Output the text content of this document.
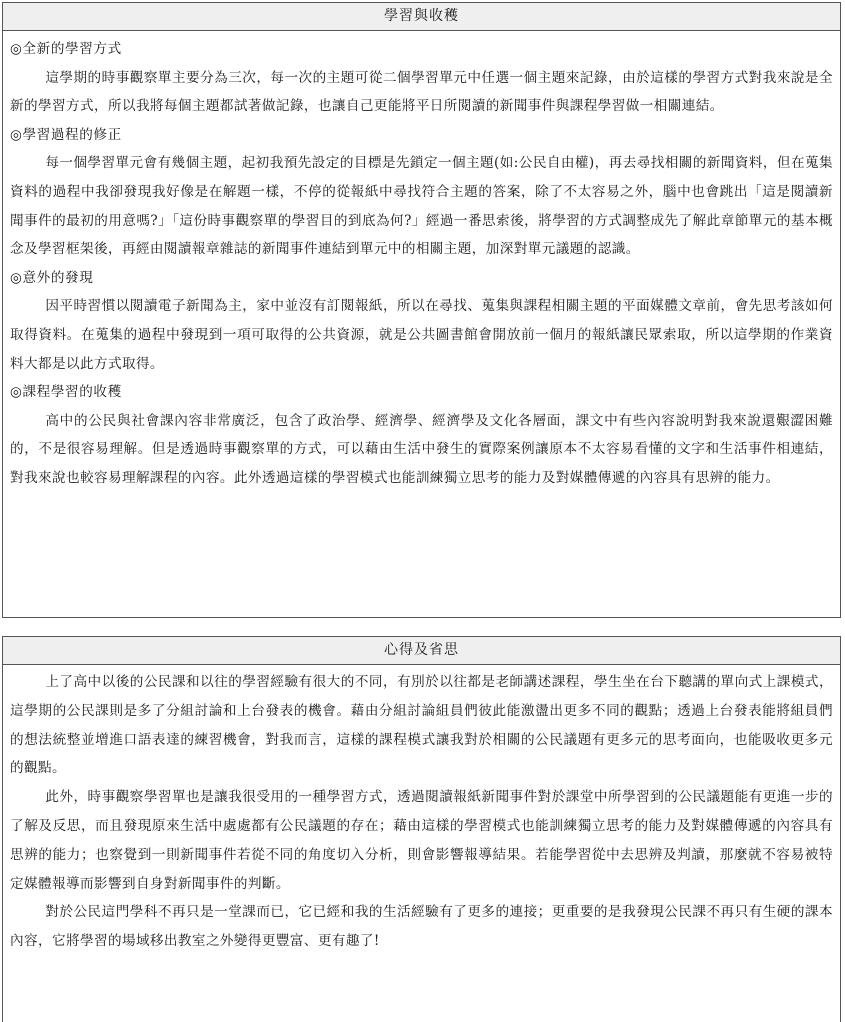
學習與收穫

◎全新的學習方式

這學期的時事觀察單主要分為三次，每一次的主題可從二個學習單元中任選一個主題來記錄，由於這樣的學習方式對我來說是全新的學習方式，所以我將每個主題都試著做記錄，也讓自己更能將平日所閱讀的新聞事件與課程學習做一相關連結。

◎學習過程的修正

每一個學習單元會有幾個主題，起初我預先設定的目標是先鎖定一個主題(如:公民自由權)，再去尋找相關的新聞資料，但在蒐集資料的過程中我卻發現我好像是在解題一樣，不停的從報紙中尋找符合主題的答案，除了不太容易之外，腦中也會跳出「這是閱讀新聞事件的最初的用意嗎?」「這份時事觀察單的學習目的到底為何?」經過一番思索後，將學習的方式調整成先了解此章節單元的基本概念及學習框架後，再經由閱讀報章雜誌的新聞事件連結到單元中的相關主題，加深對單元議題的認識。

◎意外的發現

因平時習慣以閱讀電子新聞為主，家中並沒有訂閱報紙，所以在尋找、蒐集與課程相關主題的平面媒體文章前，會先思考該如何取得資料。在蒐集的過程中發現到一項可取得的公共資源，就是公共圖書館會開放前一個月的報紙讓民眾索取，所以這學期的作業資料大都是以此方式取得。

◎課程學習的收穫

高中的公民與社會課內容非常廣泛，包含了政治學、經濟學、經濟學及文化各層面，課文中有些內容說明對我來說還艱澀困難的，不是很容易理解。但是透過時事觀察單的方式，可以藉由生活中發生的實際案例讓原本不太容易看懂的文字和生活事件相連結，對我來說也較容易理解課程的內容。此外透過這樣的學習模式也能訓練獨立思考的能力及對媒體傳遞的內容具有思辨的能力。

心得及省思

上了高中以後的公民課和以往的學習經驗有很大的不同，有別於以往都是老師講述課程，學生坐在台下聽講的單向式上課模式，這學期的公民課則是多了分組討論和上台發表的機會。藉由分組討論組員們彼此能激盪出更多不同的觀點；透過上台發表能將組員們的想法統整並增進口語表達的練習機會，對我而言，這樣的課程模式讓我對於相關的公民議題有更多元的思考面向，也能吸收更多元的觀點。

此外，時事觀察學習單也是讓我很受用的一種學習方式，透過閱讀報紙新聞事件對於課堂中所學習到的公民議題能有更進一步的了解及反思，而且發現原來生活中處處都有公民議題的存在；藉由這樣的學習模式也能訓練獨立思考的能力及對媒體傳遞的內容具有思辨的能力；也察覺到一則新聞事件若從不同的角度切入分析，則會影響報導結果。若能學習從中去思辨及判讀，那麼就不容易被特定媒體報導而影響到自身對新聞事件的判斷。

對於公民這門學科不再只是一堂課而已，它已經和我的生活經驗有了更多的連接；更重要的是我發現公民課不再只有生硬的課本內容，它將學習的場域移出教室之外變得更豐富、更有趣了!
